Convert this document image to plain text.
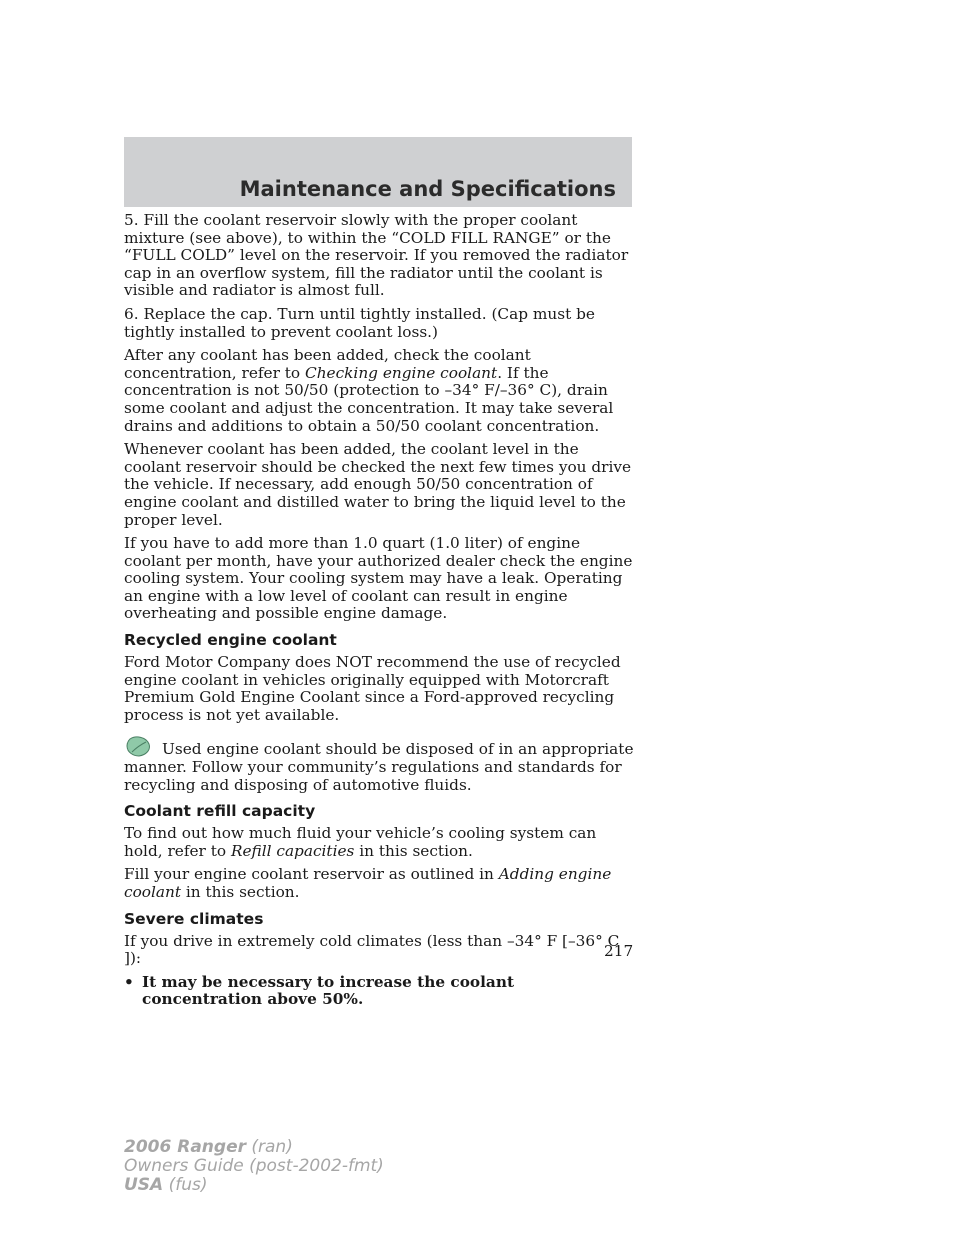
Maintenance and Specifications

5. Fill the coolant reservoir slowly with the proper coolant mixture (see above), to within the “COLD FILL RANGE” or the “FULL COLD” level on the reservoir. If you removed the radiator cap in an overflow system, fill the radiator until the coolant is visible and radiator is almost full.

6. Replace the cap. Turn until tightly installed. (Cap must be tightly installed to prevent coolant loss.)

After any coolant has been added, check the coolant concentration, refer to Checking engine coolant. If the concentration is not 50/50 (protection to –34° F/–36° C), drain some coolant and adjust the concentration. It may take several drains and additions to obtain a 50/50 coolant concentration.

Whenever coolant has been added, the coolant level in the coolant reservoir should be checked the next few times you drive the vehicle. If necessary, add enough 50/50 concentration of engine coolant and distilled water to bring the liquid level to the proper level.

If you have to add more than 1.0 quart (1.0 liter) of engine coolant per month, have your authorized dealer check the engine cooling system. Your cooling system may have a leak. Operating an engine with a low level of coolant can result in engine overheating and possible engine damage.

Recycled engine coolant

Ford Motor Company does NOT recommend the use of recycled engine coolant in vehicles originally equipped with Motorcraft Premium Gold Engine Coolant since a Ford-approved recycling process is not yet available.

Used engine coolant should be disposed of in an appropriate manner. Follow your community’s regulations and standards for recycling and disposing of automotive fluids.

Coolant refill capacity

To find out how much fluid your vehicle’s cooling system can hold, refer to Refill capacities in this section.

Fill your engine coolant reservoir as outlined in Adding engine coolant in this section.

Severe climates

If you drive in extremely cold climates (less than –34° F [–36° C ]):

• It may be necessary to increase the coolant concentration above 50%.
217
2006 Ranger (ran)
Owners Guide (post-2002-fmt)
USA (fus)
